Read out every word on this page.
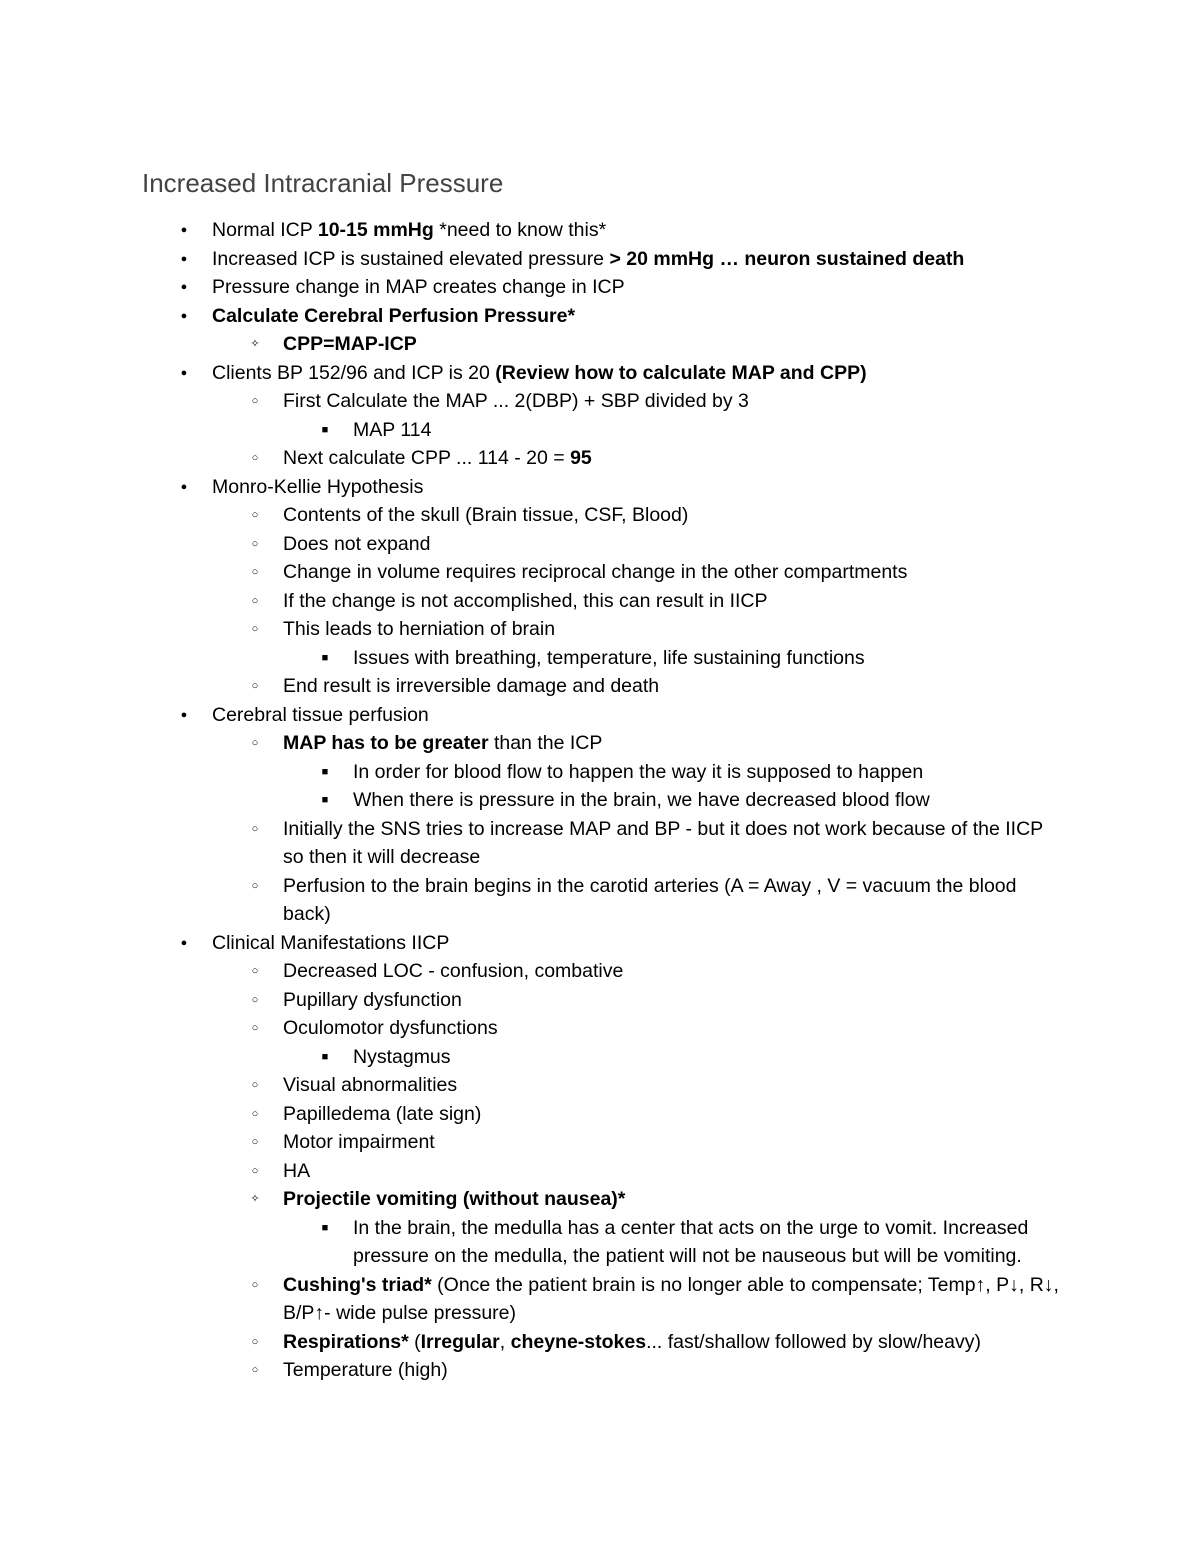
Increased Intracranial Pressure
●	Normal ICP 10-15 mmHg *need to know this*
●	Increased ICP is sustained elevated pressure > 20 mmHg … neuron sustained death
●	Pressure change in MAP creates change in ICP
●	Calculate Cerebral Perfusion Pressure*
✧ CPP=MAP-ICP
●	Clients BP 152/96 and ICP is 20 (Review how to calculate MAP and CPP)
○	First Calculate the MAP ... 2(DBP) + SBP divided by 3
■	MAP 114
○	Next calculate CPP ... 114 - 20 = 95
●	Monro-Kellie Hypothesis
○	Contents of the skull (Brain tissue, CSF, Blood)
○	Does not expand
○	Change in volume requires reciprocal change in the other compartments
○	If the change is not accomplished, this can result in IICP
○	This leads to herniation of brain
■	Issues with breathing, temperature, life sustaining functions
○	End result is irreversible damage and death
●	Cerebral tissue perfusion
○	MAP has to be greater than the ICP
■	In order for blood flow to happen the way it is supposed to happen
■	When there is pressure in the brain, we have decreased blood flow
○	Initially the SNS tries to increase MAP and BP - but it does not work because of the IICP so then it will decrease
○	Perfusion to the brain begins in the carotid arteries (A = Away , V = vacuum the blood back)
●	Clinical Manifestations IICP
○	Decreased LOC - confusion, combative
○	Pupillary dysfunction
○	Oculomotor dysfunctions
■	Nystagmus
○	Visual abnormalities
○	Papilledema (late sign)
○	Motor impairment
○	HA
✧ Projectile vomiting (without nausea)*
■	In the brain, the medulla has a center that acts on the urge to vomit. Increased pressure on the medulla, the patient will not be nauseous but will be vomiting.
○	Cushing's triad* (Once the patient brain is no longer able to compensate; Temp↑, P↓, R↓, B/P↑- wide pulse pressure)
○	Respirations* (Irregular, cheyne-stokes... fast/shallow followed by slow/heavy)
○	Temperature (high)
